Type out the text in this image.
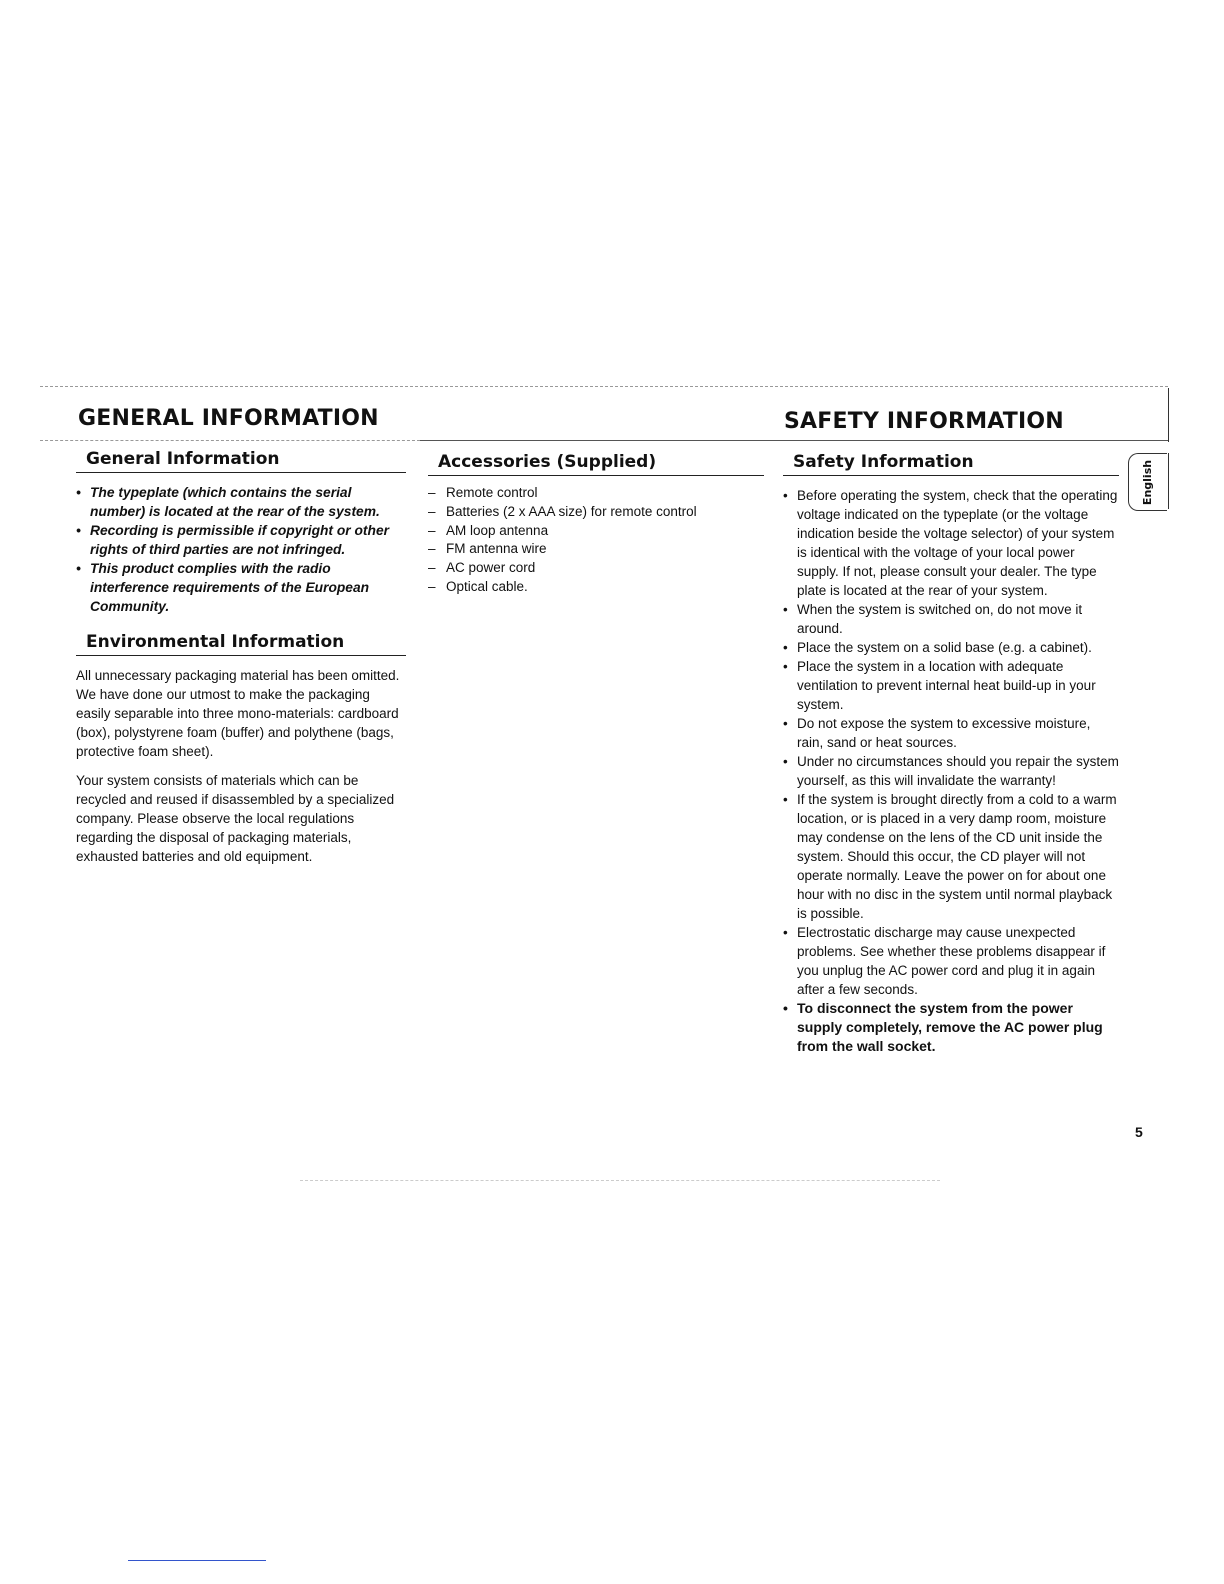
GENERAL INFORMATION	SAFETY INFORMATION
General Information
• The typeplate (which contains the serial number) is located at the rear of the system.
• Recording is permissible if copyright or other rights of third parties are not infringed.
• This product complies with the radio interference requirements of the European Community.
Environmental Information

All unnecessary packaging material has been omitted. We have done our utmost to make the packaging easily separable into three mono-materials: cardboard (box), polystyrene foam (buffer) and polythene (bags, protective foam sheet).

Your system consists of materials which can be recycled and reused if disassembled by a specialized company. Please observe the local regulations regarding the disposal of packaging materials, exhausted batteries and old equipment.

Accessories (Supplied)
– Remote control
– Batteries (2 x AAA size) for remote control
– AM loop antenna
– FM antenna wire
– AC power cord
– Optical cable.
Safety Information
• Before operating the system, check that the operating voltage indicated on the typeplate (or the voltage indication beside the voltage selector) of your system is identical with the voltage of your local power supply. If not, please consult your dealer. The type plate is located at the rear of your system.
• When the system is switched on, do not move it around.
• Place the system on a solid base (e.g. a cabinet).
• Place the system in a location with adequate ventilation to prevent internal heat build-up in your system.
• Do not expose the system to excessive moisture, rain, sand or heat sources.
• Under no circumstances should you repair the system yourself, as this will invalidate the warranty!
• If the system is brought directly from a cold to a warm location, or is placed in a very damp room, moisture may condense on the lens of the CD unit inside the system. Should this occur, the CD player will not operate normally. Leave the power on for about one hour with no disc in the system until normal playback is possible.
• Electrostatic discharge may cause unexpected problems. See whether these problems disappear if you unplug the AC power cord and plug it in again after a few seconds.
• To disconnect the system from the power supply completely, remove the AC power plug from the wall socket.
English
5
